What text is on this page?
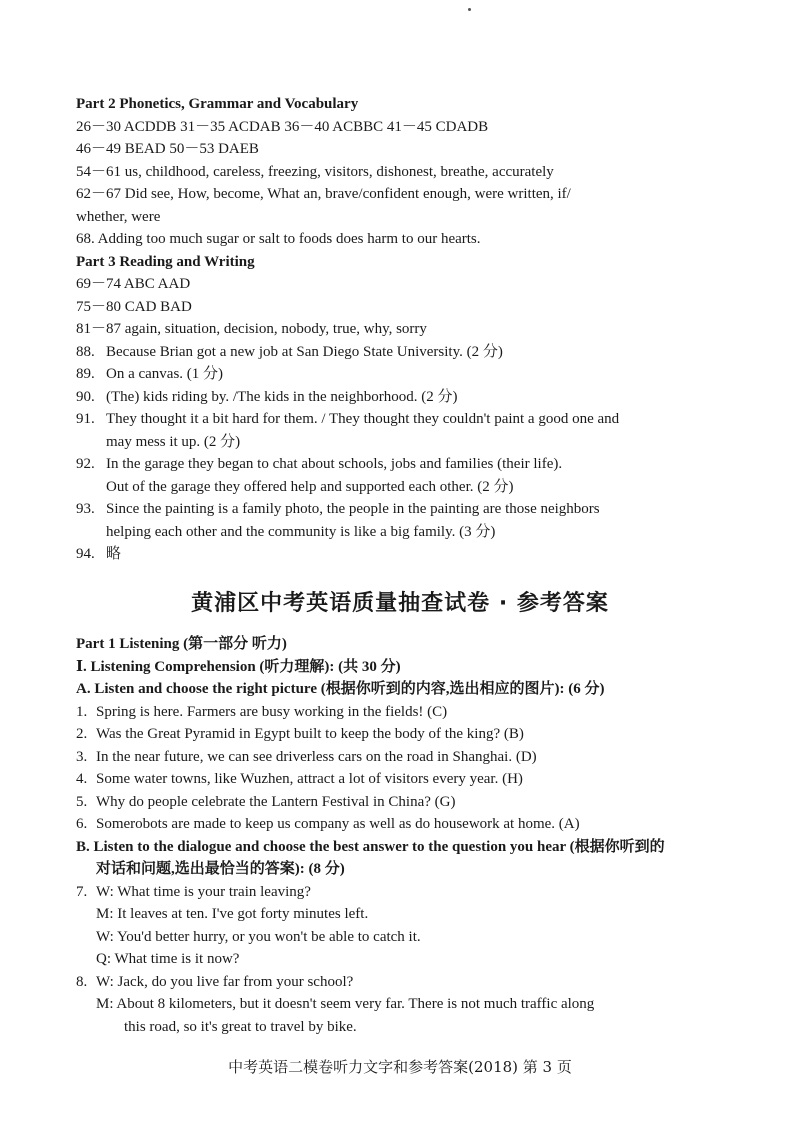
Part 2 Phonetics, Grammar and Vocabulary
26－30 ACDDB 31－35 ACDAB 36－40 ACBBC 41－45 CDADB
46－49 BEAD 50－53 DAEB
54－61 us, childhood, careless, freezing, visitors, dishonest, breathe, accurately
62－67 Did see, How, become, What an, brave/confident enough, were written, if/
whether, were
68. Adding too much sugar or salt to foods does harm to our hearts.
Part 3 Reading and Writing
69－74 ABC AAD
75－80 CAD BAD
81－87 again, situation, decision, nobody, true, why, sorry
88. Because Brian got a new job at San Diego State University. (2 分)
89. On a canvas. (1 分)
90. (The) kids riding by. /The kids in the neighborhood. (2 分)
91. They thought it a bit hard for them. / They thought they couldn't paint a good one and
may mess it up. (2 分)
92. In the garage they began to chat about schools, jobs and families (their life).
Out of the garage they offered help and supported each other. (2 分)
93. Since the painting is a family photo, the people in the painting are those neighbors
helping each other and the community is like a big family. (3 分)
94. 略
黄浦区中考英语质量抽查试卷 · 参考答案
Part 1 Listening (第一部分 听力)
Ⅰ. Listening Comprehension (听力理解): (共 30 分)
A. Listen and choose the right picture (根据你听到的内容,选出相应的图片): (6 分)
1. Spring is here. Farmers are busy working in the fields! (C)
2. Was the Great Pyramid in Egypt built to keep the body of the king? (B)
3. In the near future, we can see driverless cars on the road in Shanghai. (D)
4. Some water towns, like Wuzhen, attract a lot of visitors every year. (H)
5. Why do people celebrate the Lantern Festival in China? (G)
6. Somerobots are made to keep us company as well as do housework at home. (A)
B. Listen to the dialogue and choose the best answer to the question you hear (根据你听到的
对话和问题,选出最恰当的答案): (8 分)
7. W: What time is your train leaving?
M: It leaves at ten. I've got forty minutes left.
W: You'd better hurry, or you won't be able to catch it.
Q: What time is it now?
8. W: Jack, do you live far from your school?
M: About 8 kilometers, but it doesn't seem very far. There is not much traffic along
this road, so it's great to travel by bike.
中考英语二模卷听力文字和参考答案(2018) 第 3 页
